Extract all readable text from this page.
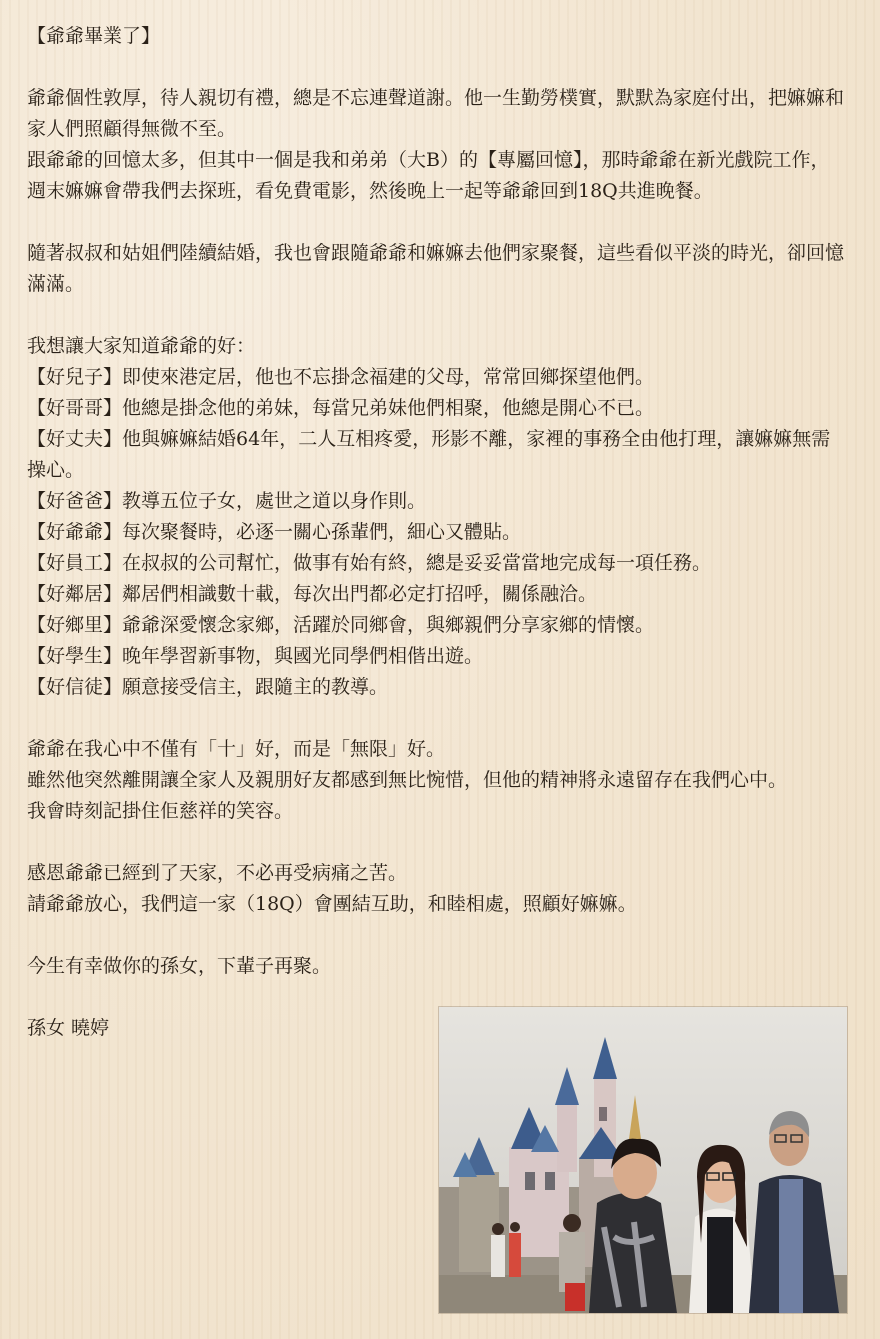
【爺爺畢業了】

爺爺個性敦厚，待人親切有禮，總是不忘連聲道謝。他一生勤勞樸實，默默為家庭付出，把嫲嫲和家人們照顧得無微不至。

跟爺爺的回憶太多，但其中一個是我和弟弟（大B）的【專屬回憶】，那時爺爺在新光戲院工作，週末嫲嫲會帶我們去探班，看免費電影，然後晚上一起等爺爺回到18Q共進晚餐。

隨著叔叔和姑姐們陸續結婚，我也會跟隨爺爺和嫲嫲去他們家聚餐，這些看似平淡的時光，卻回憶滿滿。

我想讓大家知道爺爺的好：

【好兒子】即使來港定居，他也不忘掛念福建的父母，常常回鄉探望他們。

【好哥哥】他總是掛念他的弟妹，每當兄弟妹他們相聚，他總是開心不已。

【好丈夫】他與嫲嫲結婚64年，二人互相疼愛，形影不離，家裡的事務全由他打理，讓嫲嫲無需操心。

【好爸爸】教導五位子女，處世之道以身作則。

【好爺爺】每次聚餐時，必逐一關心孫輩們，細心又體貼。

【好員工】在叔叔的公司幫忙，做事有始有終，總是妥妥當當地完成每一項任務。

【好鄰居】鄰居們相識數十載，每次出門都必定打招呼，關係融洽。

【好鄉里】爺爺深愛懷念家鄉，活躍於同鄉會，與鄉親們分享家鄉的情懷。

【好學生】晚年學習新事物，與國光同學們相偕出遊。

【好信徒】願意接受信主，跟隨主的教導。

爺爺在我心中不僅有「十」好，而是「無限」好。

雖然他突然離開讓全家人及親朋好友都感到無比惋惜，但他的精神將永遠留存在我們心中。

我會時刻記掛住佢慈祥的笑容。

感恩爺爺已經到了天家，不必再受病痛之苦。

請爺爺放心，我們這一家（18Q）會團結互助，和睦相處，照顧好嫲嫲。

今生有幸做你的孫女，下輩子再聚。

孫女 曉婷
